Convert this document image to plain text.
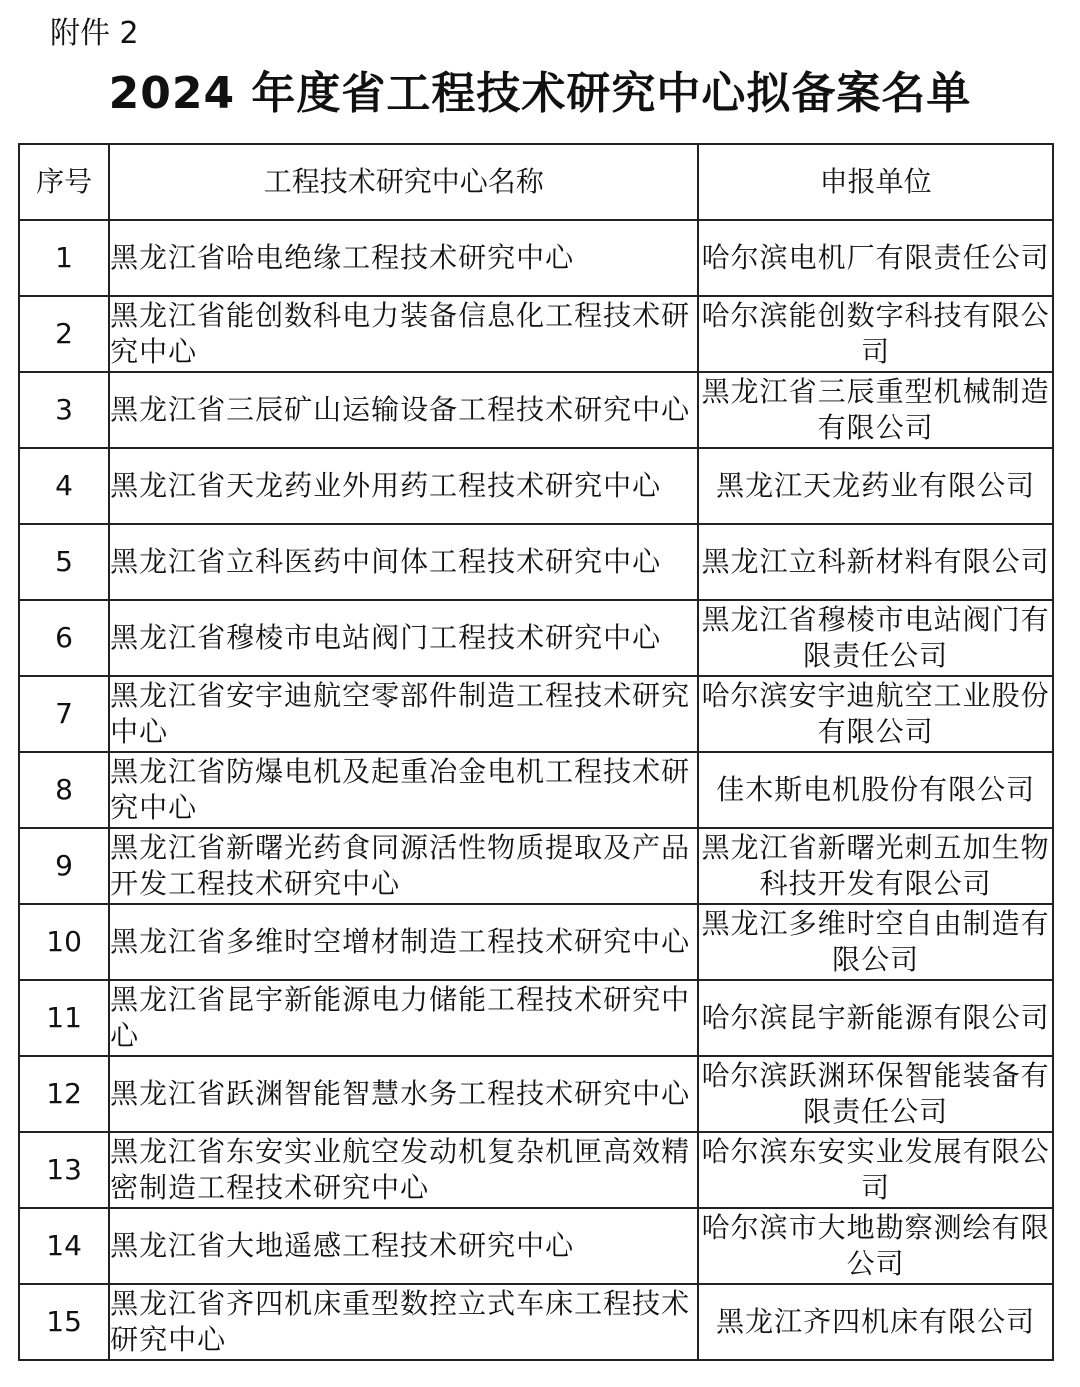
附件 2
2024 年度省工程技术研究中心拟备案名单
序号	工程技术研究中心名称	申报单位
1	黑龙江省哈电绝缘工程技术研究中心	哈尔滨电机厂有限责任公司
2	黑龙江省能创数科电力装备信息化工程技术研究中心	哈尔滨能创数字科技有限公司
3	黑龙江省三辰矿山运输设备工程技术研究中心	黑龙江省三辰重型机械制造有限公司
4	黑龙江省天龙药业外用药工程技术研究中心	黑龙江天龙药业有限公司
5	黑龙江省立科医药中间体工程技术研究中心	黑龙江立科新材料有限公司
6	黑龙江省穆棱市电站阀门工程技术研究中心	黑龙江省穆棱市电站阀门有限责任公司
7	黑龙江省安宇迪航空零部件制造工程技术研究中心	哈尔滨安宇迪航空工业股份有限公司
8	黑龙江省防爆电机及起重冶金电机工程技术研究中心	佳木斯电机股份有限公司
9	黑龙江省新曙光药食同源活性物质提取及产品开发工程技术研究中心	黑龙江省新曙光刺五加生物科技开发有限公司
10	黑龙江省多维时空增材制造工程技术研究中心	黑龙江多维时空自由制造有限公司
11	黑龙江省昆宇新能源电力储能工程技术研究中心	哈尔滨昆宇新能源有限公司
12	黑龙江省跃渊智能智慧水务工程技术研究中心	哈尔滨跃渊环保智能装备有限责任公司
13	黑龙江省东安实业航空发动机复杂机匣高效精密制造工程技术研究中心	哈尔滨东安实业发展有限公司
14	黑龙江省大地遥感工程技术研究中心	哈尔滨市大地勘察测绘有限公司
15	黑龙江省齐四机床重型数控立式车床工程技术研究中心	黑龙江齐四机床有限公司
